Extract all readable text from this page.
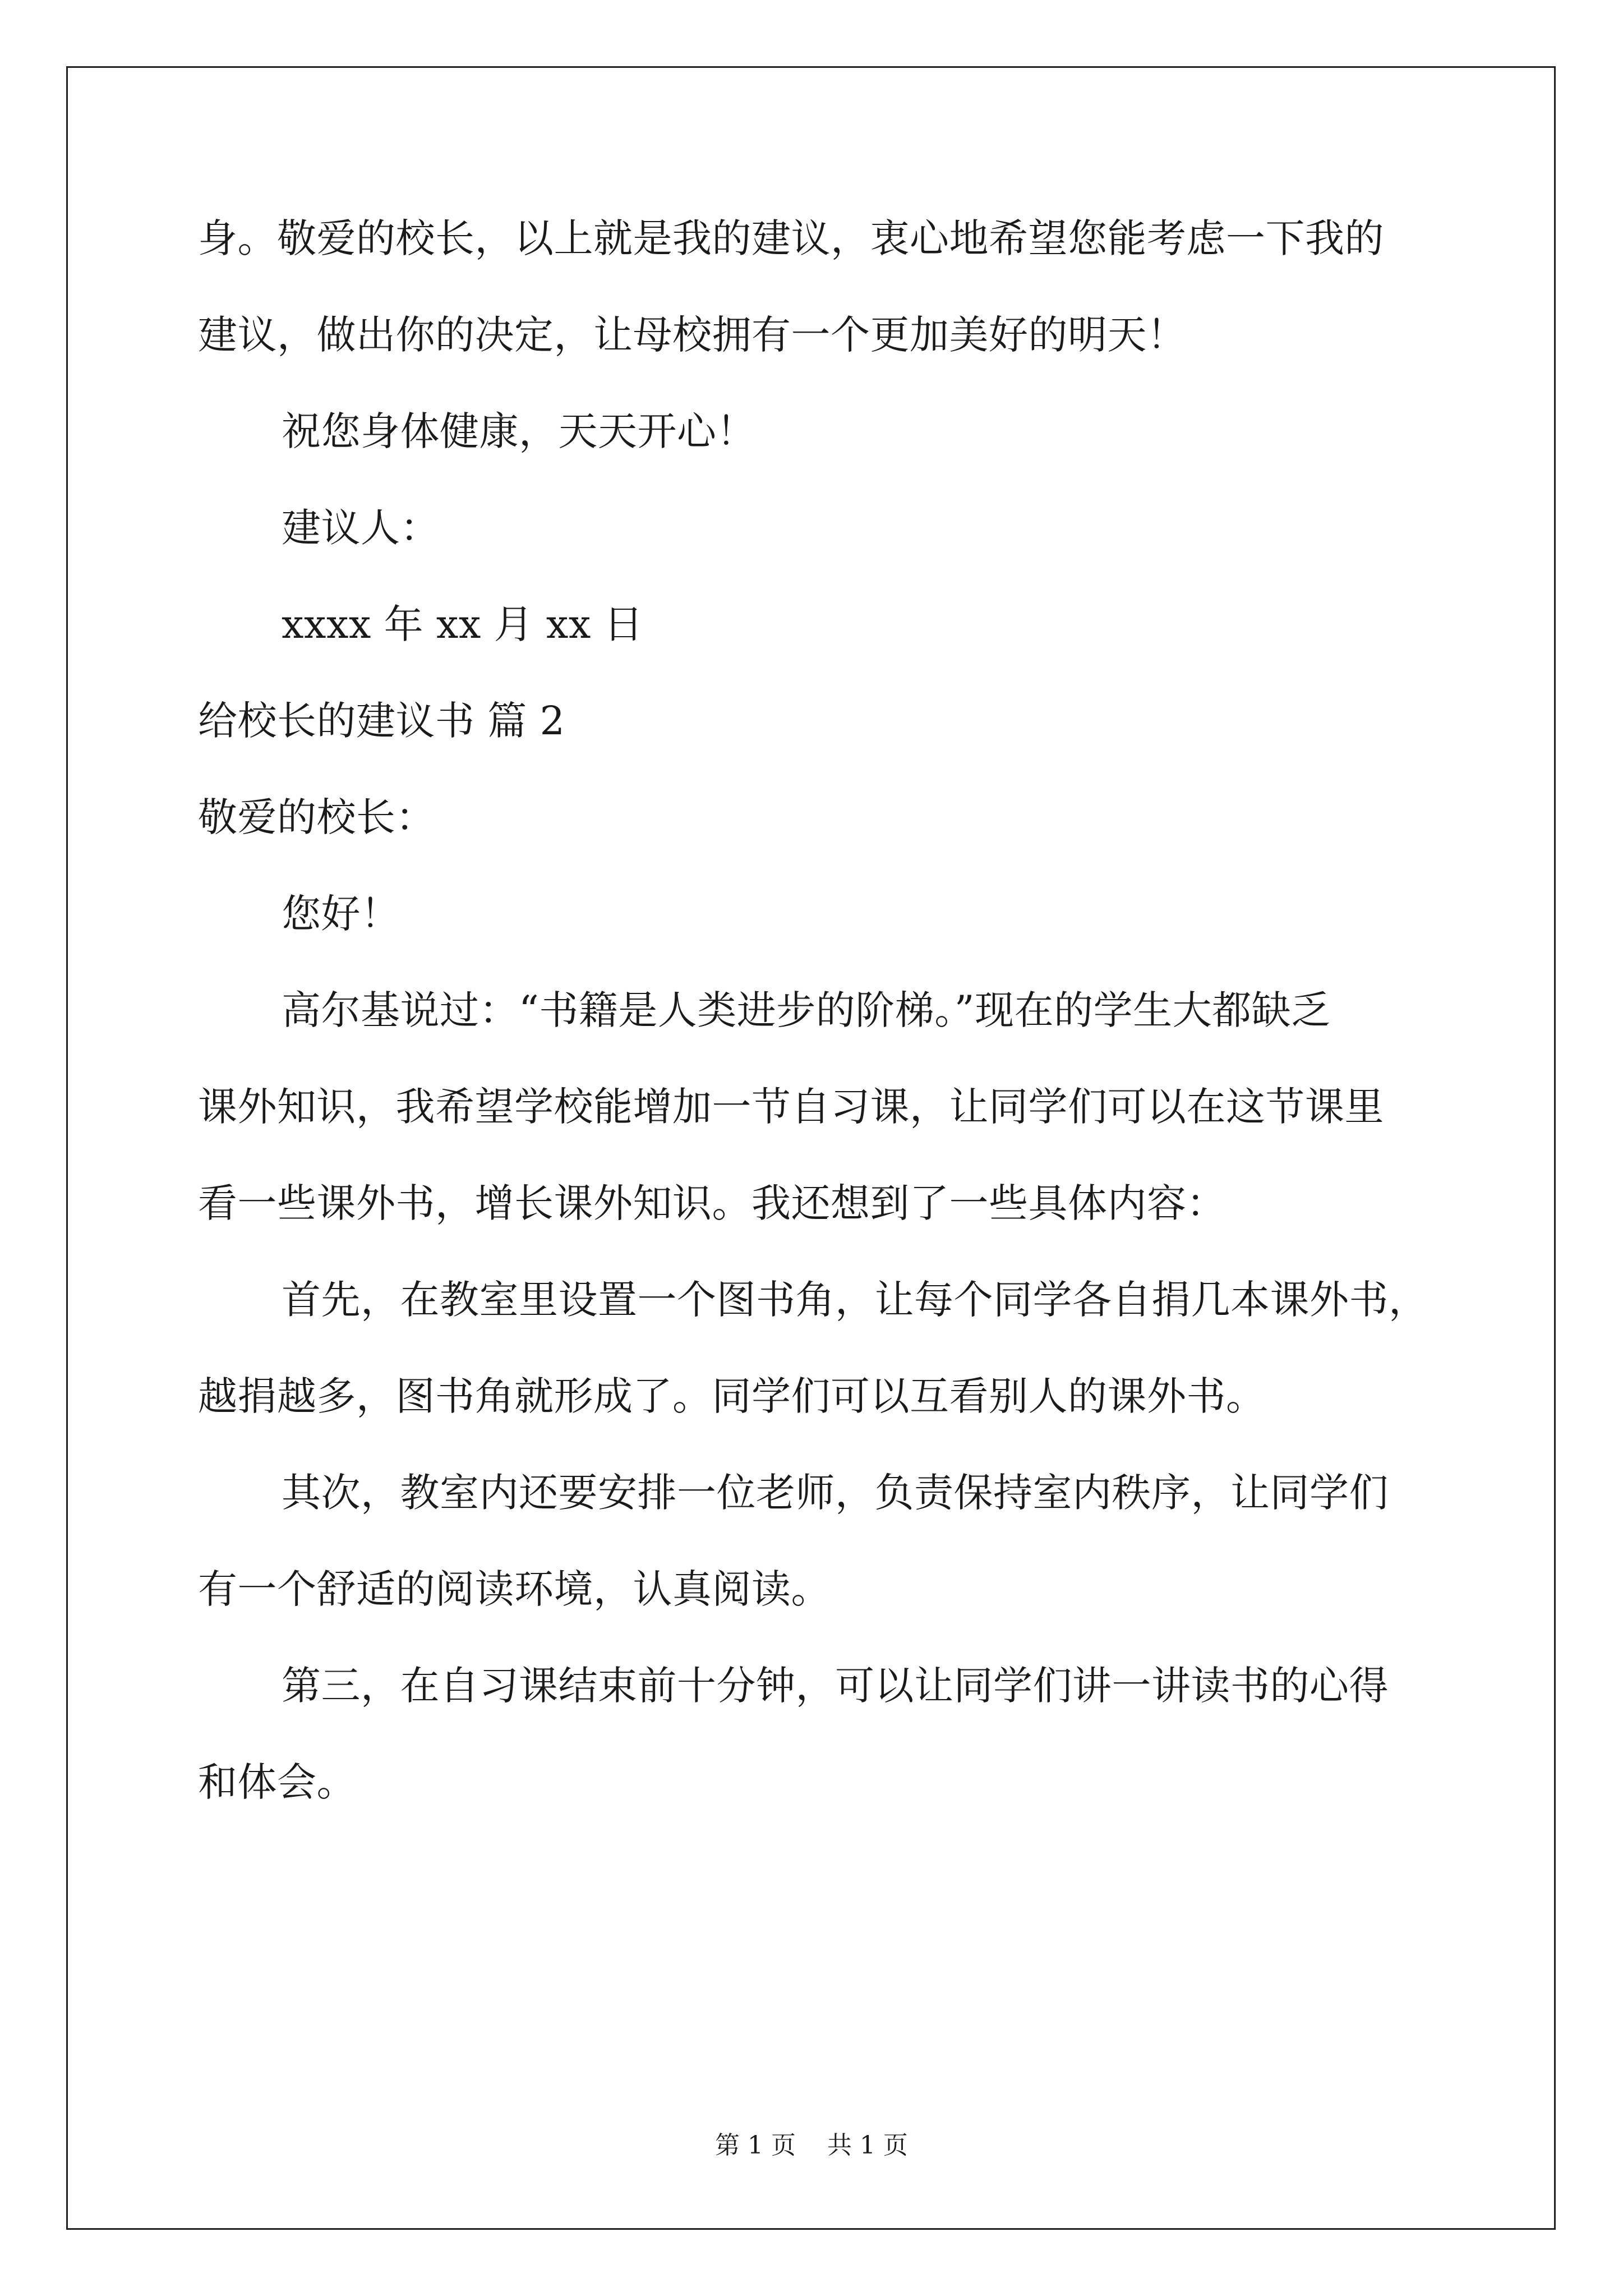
身。敬爱的校长，以上就是我的建议，衷心地希望您能考虑一下我的
建议，做出你的决定，让母校拥有一个更加美好的明天！
祝您身体健康，天天开心！
建议人：
xxxx 年 xx 月 xx 日
给校长的建议书 篇 2
敬爱的校长：
您好！
高尔基说过：“书籍是人类进步的阶梯。”现在的学生大都缺乏
课外知识，我希望学校能增加一节自习课，让同学们可以在这节课里
看一些课外书，增长课外知识。我还想到了一些具体内容：
首先，在教室里设置一个图书角，让每个同学各自捐几本课外书，
越捐越多，图书角就形成了。同学们可以互看别人的课外书。
其次，教室内还要安排一位老师，负责保持室内秩序，让同学们
有一个舒适的阅读环境，认真阅读。
第三，在自习课结束前十分钟，可以让同学们讲一讲读书的心得
和体会。
第 1 页    共 1 页
